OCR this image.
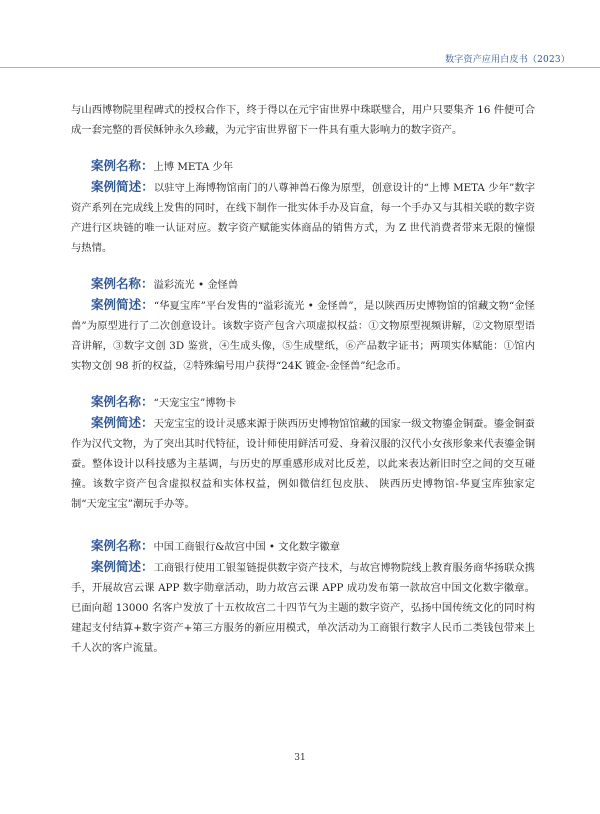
数字资产应用白皮书（2023）

与山西博物院里程碑式的授权合作下，终于得以在元宇宙世界中珠联璧合，用户只要集齐 16 件便可合成一套完整的晋侯稣钟永久珍藏，为元宇宙世界留下一件具有重大影响力的数字资产。

案例名称：上博 META 少年

案例简述：以驻守上海博物馆南门的八尊神兽石像为原型，创意设计的“上博 META 少年”数字资产系列在完成线上发售的同时，在线下制作一批实体手办及盲盒，每一个手办又与其相关联的数字资产进行区块链的唯一认证对应。数字资产赋能实体商品的销售方式，为 Z 世代消费者带来无限的憧憬与热情。

案例名称：溢彩流光 • 金怪兽

案例简述：“华夏宝库”平台发售的“溢彩流光 • 金怪兽”，是以陕西历史博物馆的馆藏文物“金怪兽”为原型进行了二次创意设计。该数字资产包含六项虚拟权益：①文物原型视频讲解，②文物原型语音讲解，③数字文创 3D 鉴赏，④生成头像，⑤生成壁纸，⑥产品数字证书；两项实体赋能：①馆内实物文创 98 折的权益，②特殊编号用户获得“24K 镀金-金怪兽”纪念币。

案例名称：“天宠宝宝”博物卡

案例简述：天宠宝宝的设计灵感来源于陕西历史博物馆馆藏的国家一级文物鎏金铜蚕。鎏金铜蚕作为汉代文物，为了突出其时代特征，设计师使用鲜活可爱、身着汉服的汉代小女孩形象来代表鎏金铜蚕。整体设计以科技感为主基调，与历史的厚重感形成对比反差，以此来表达新旧时空之间的交互碰撞。该数字资产包含虚拟权益和实体权益，例如微信红包皮肤、 陕西历史博物馆-华夏宝库独家定制“天宠宝宝”潮玩手办等。

案例名称：中国工商银行&故宫中国 • 文化数字徽章

案例简述：工商银行使用工银玺链提供数字资产技术，与故宫博物院线上教育服务商华扬联众携手，开展故宫云课 APP 数字勋章活动，助力故宫云课 APP 成功发布第一款故宫中国文化数字徽章。已面向超 13000 名客户发放了十五枚故宫二十四节气为主题的数字资产，弘扬中国传统文化的同时构建起支付结算+数字资产+第三方服务的新应用模式，单次活动为工商银行数字人民币二类钱包带来上千人次的客户流量。

31
